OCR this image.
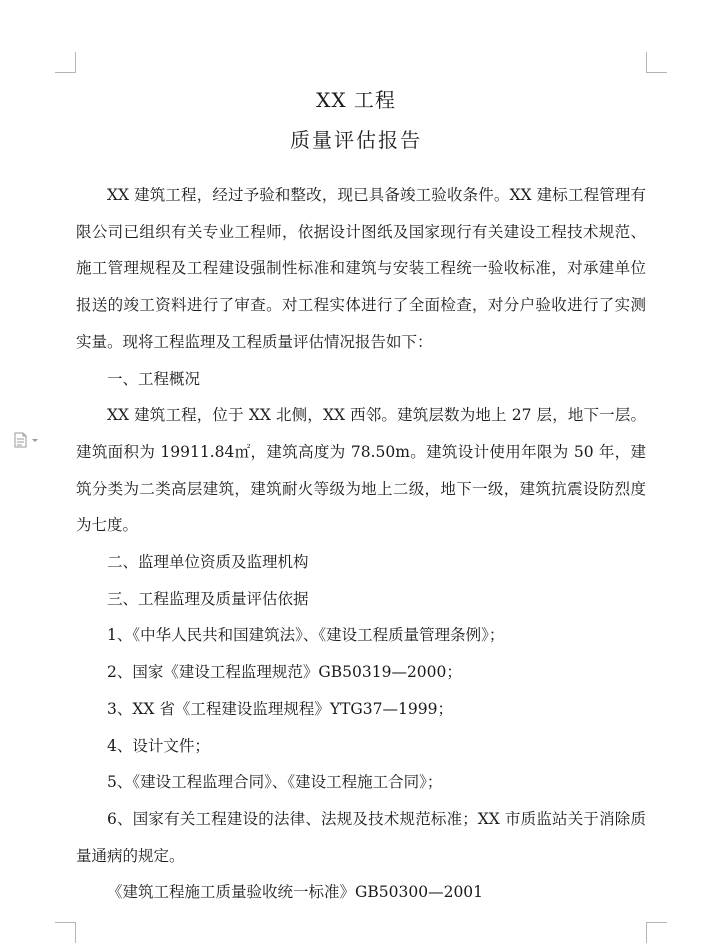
XX 工程
质量评估报告

XX 建筑工程，经过予验和整改，现已具备竣工验收条件。XX 建标工程管理有限公司已组织有关专业工程师，依据设计图纸及国家现行有关建设工程技术规范、施工管理规程及工程建设强制性标准和建筑与安装工程统一验收标准，对承建单位报送的竣工资料进行了审查。对工程实体进行了全面检查，对分户验收进行了实测实量。现将工程监理及工程质量评估情况报告如下：

一、工程概况

XX 建筑工程，位于 XX 北侧，XX 西邻。建筑层数为地上 27 层，地下一层。建筑面积为 19911.84㎡，建筑高度为 78.50m。建筑设计使用年限为 50 年，建筑分类为二类高层建筑，建筑耐火等级为地上二级，地下一级，建筑抗震设防烈度为七度。

二、监理单位资质及监理机构

三、工程监理及质量评估依据

1、《中华人民共和国建筑法》、《建设工程质量管理条例》；

2、国家《建设工程监理规范》GB50319—2000；

3、XX 省《工程建设监理规程》YTG37—1999；

4、设计文件；

5、《建设工程监理合同》、《建设工程施工合同》；

6、国家有关工程建设的法律、法规及技术规范标准；XX 市质监站关于消除质量通病的规定。

《建筑工程施工质量验收统一标准》GB50300—2001
